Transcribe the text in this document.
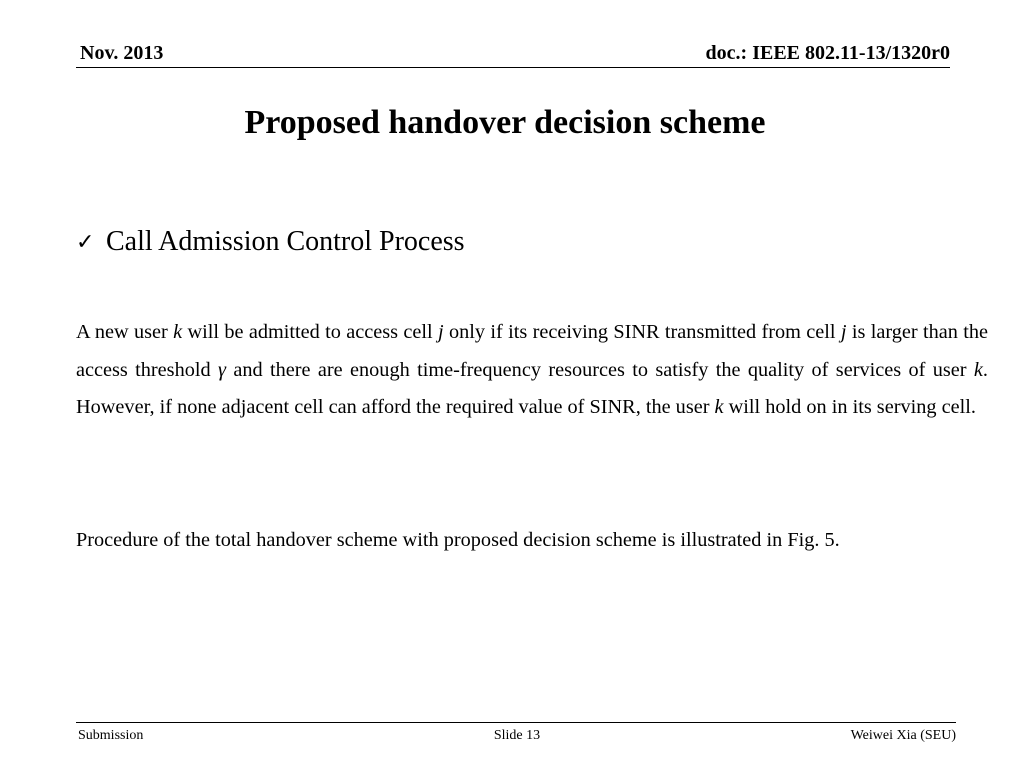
Nov. 2013	doc.: IEEE 802.11-13/1320r0
Proposed handover decision scheme
✓ Call Admission Control Process
A new user k will be admitted to access cell j only if its receiving SINR transmitted from cell j is larger than the access threshold γ and there are enough time-frequency resources to satisfy the quality of services of user k. However, if none adjacent cell can afford the required value of SINR, the user k will hold on in its serving cell.
Procedure of the total handover scheme with proposed decision scheme is illustrated in Fig. 5.
Submission	Slide 13	Weiwei Xia (SEU)
